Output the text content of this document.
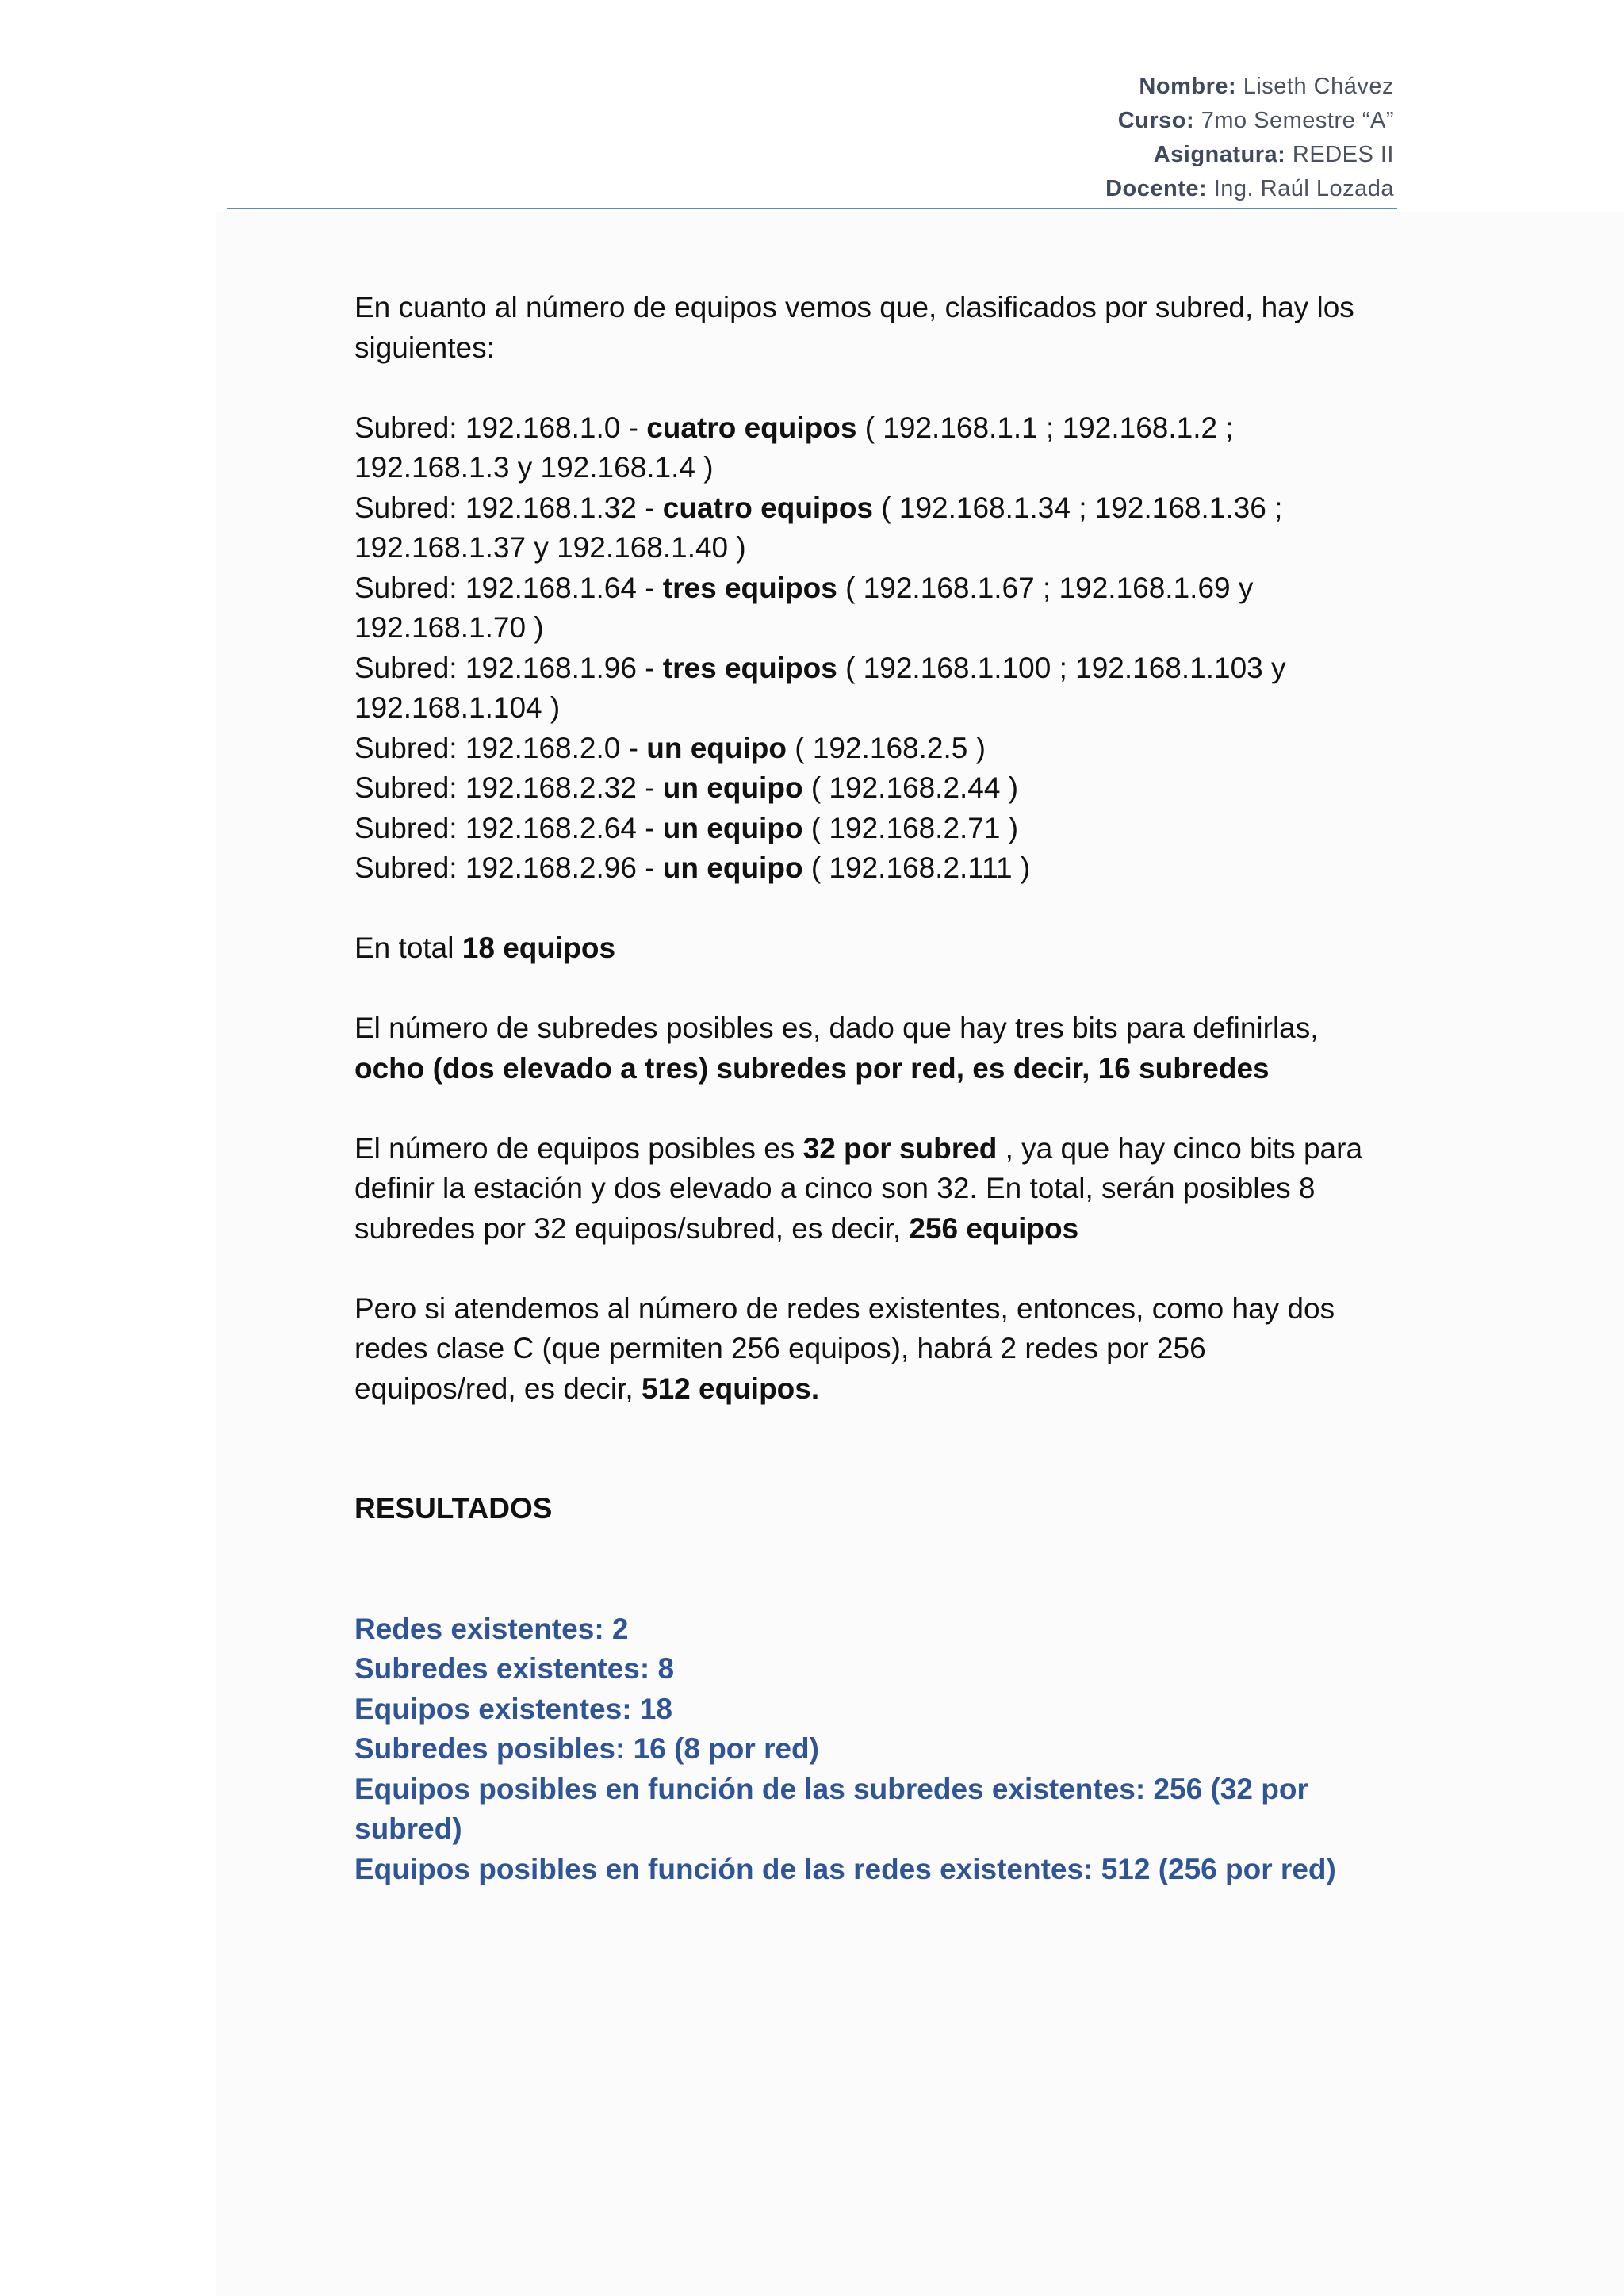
Nombre: Liseth Chávez
Curso: 7mo Semestre “A”
Asignatura: REDES II
Docente: Ing. Raúl Lozada

En cuanto al número de equipos vemos que, clasificados por subred, hay los

siguientes:

Subred: 192.168.1.0 - cuatro equipos ( 192.168.1.1 ; 192.168.1.2 ;

192.168.1.3 y 192.168.1.4 )

Subred: 192.168.1.32 - cuatro equipos ( 192.168.1.34 ; 192.168.1.36 ;

192.168.1.37 y 192.168.1.40 )

Subred: 192.168.1.64 - tres equipos ( 192.168.1.67 ; 192.168.1.69 y

192.168.1.70 )

Subred: 192.168.1.96 - tres equipos ( 192.168.1.100 ; 192.168.1.103 y

192.168.1.104 )

Subred: 192.168.2.0 - un equipo ( 192.168.2.5 )

Subred: 192.168.2.32 - un equipo ( 192.168.2.44 )

Subred: 192.168.2.64 - un equipo ( 192.168.2.71 )

Subred: 192.168.2.96 - un equipo ( 192.168.2.111 )

En total 18 equipos

El número de subredes posibles es, dado que hay tres bits para definirlas,

ocho (dos elevado a tres) subredes por red, es decir, 16 subredes

El número de equipos posibles es 32 por subred , ya que hay cinco bits para

definir la estación y dos elevado a cinco son 32. En total, serán posibles 8

subredes por 32 equipos/subred, es decir, 256 equipos

Pero si atendemos al número de redes existentes, entonces, como hay dos

redes clase C (que permiten 256 equipos), habrá 2 redes por 256

equipos/red, es decir, 512 equipos.

RESULTADOS

Redes existentes: 2

Subredes existentes: 8

Equipos existentes: 18

Subredes posibles: 16 (8 por red)

Equipos posibles en función de las subredes existentes: 256 (32 por subred)

Equipos posibles en función de las redes existentes: 512 (256 por red)
